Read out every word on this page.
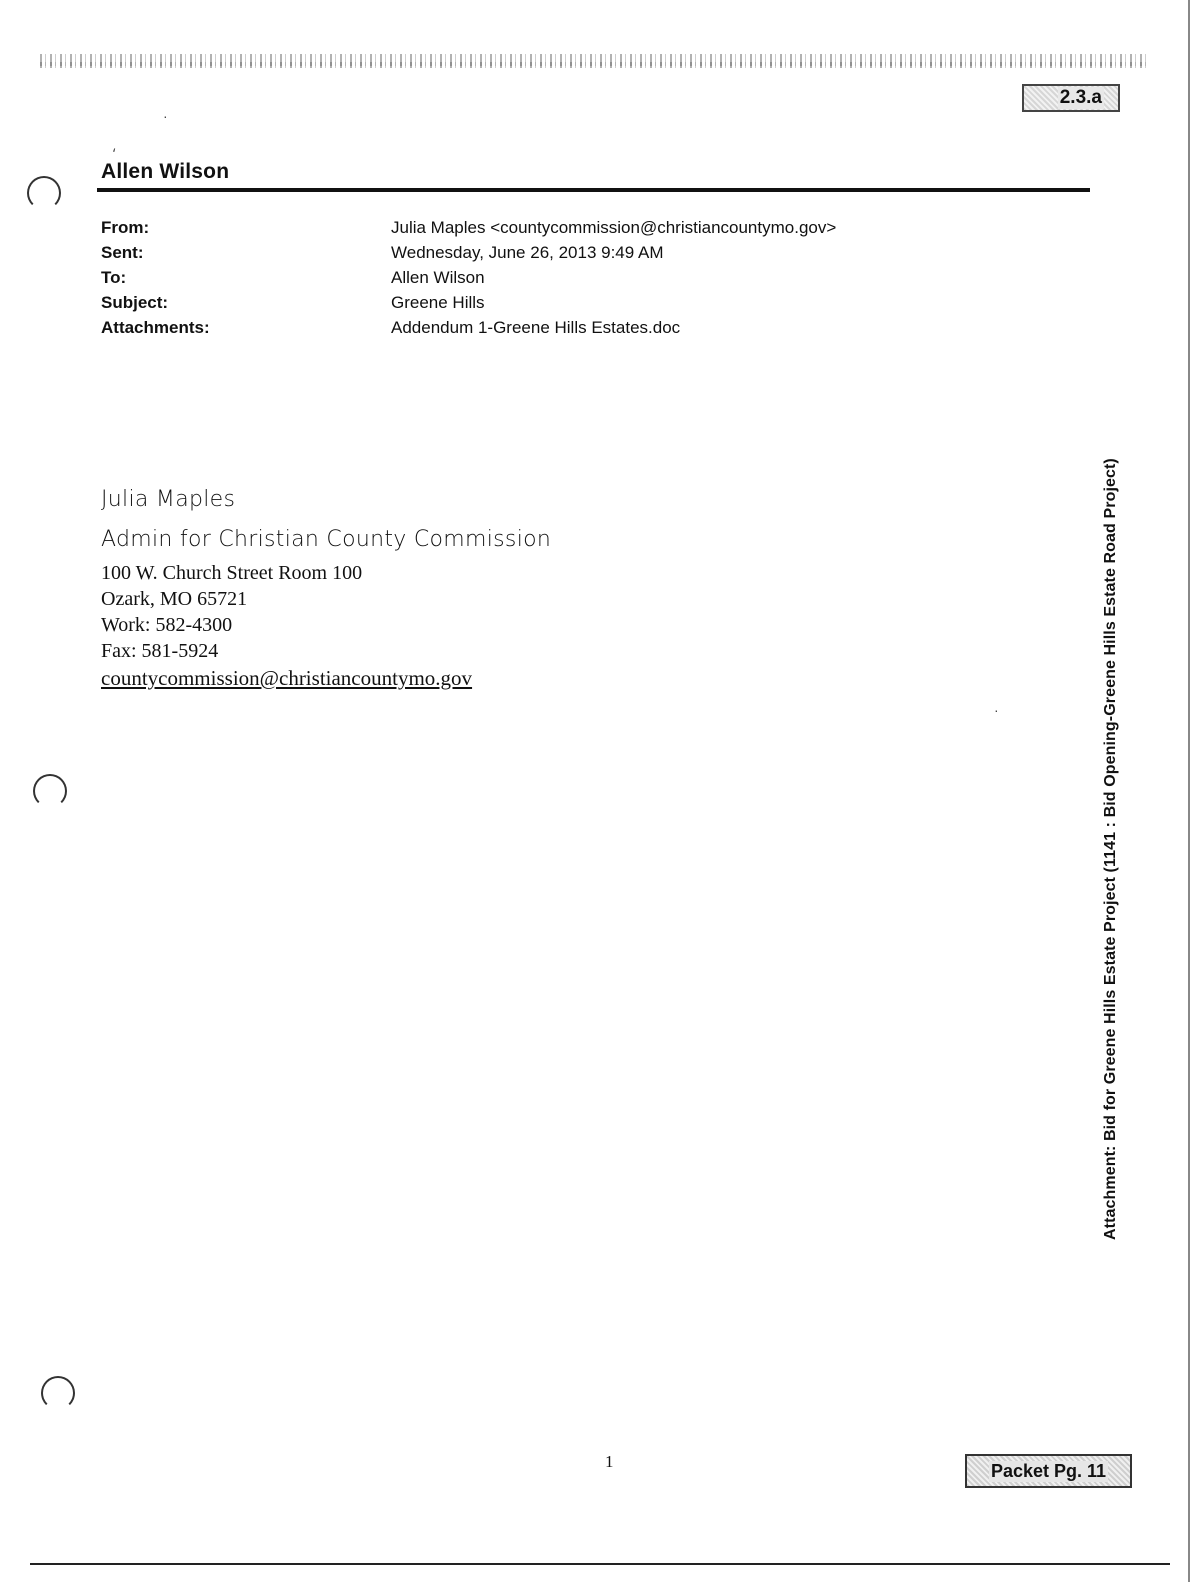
2.3.a
⸲
·
·
Allen Wilson
From:	Julia Maples <countycommission@christiancountymo.gov>
Sent:	Wednesday, June 26, 2013 9:49 AM
To:	Allen Wilson
Subject:	Greene Hills
Attachments:	Addendum 1-Greene Hills Estates.doc
Julia Maples
Admin for Christian County Commission
100 W. Church Street Room 100
Ozark, MO 65721
Work: 582-4300
Fax: 581-5924
countycommission@christiancountymo.gov	Attachment: Bid for Greene Hills Estate Project (1141 : Bid Opening-Greene Hills Estate Road Project)
1	Packet Pg. 11
